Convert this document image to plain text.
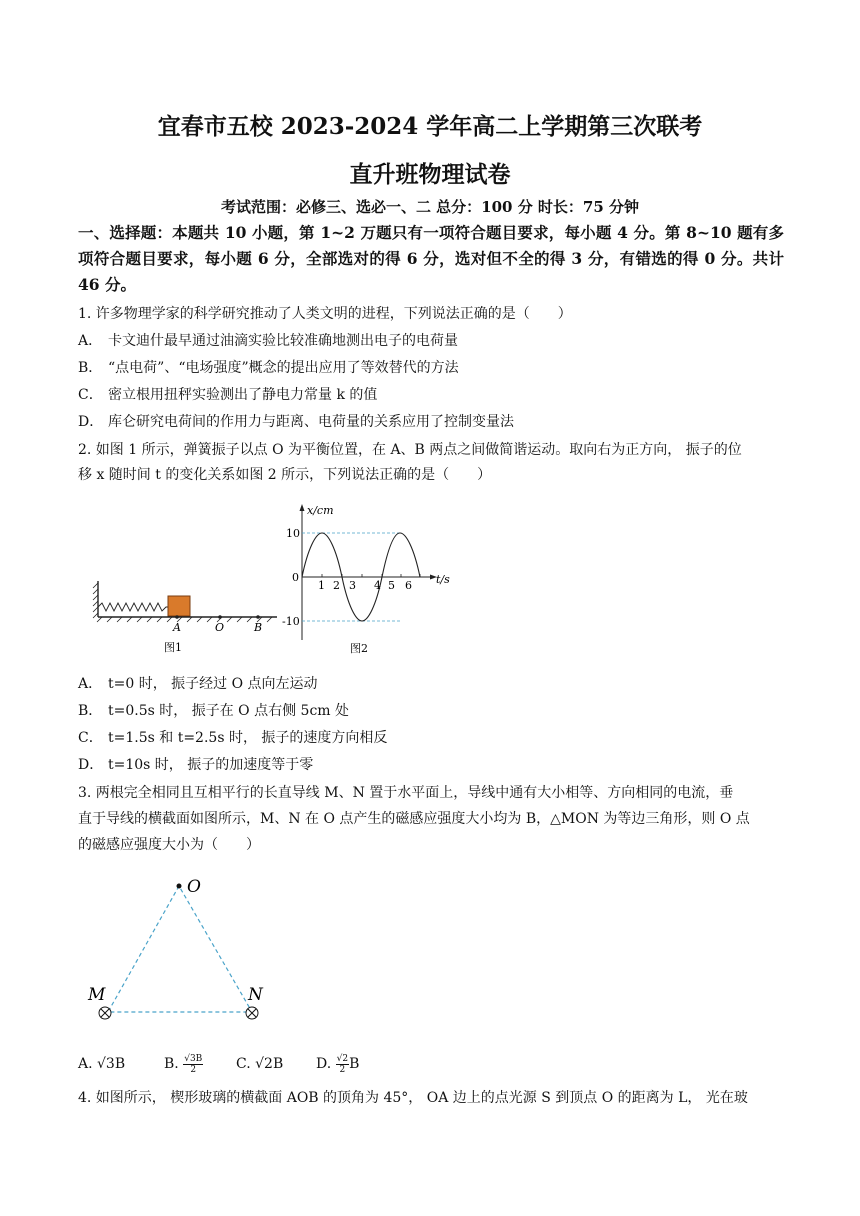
宜春市五校 2023-2024 学年高二上学期第三次联考
直升班物理试卷
考试范围：必修三、选必一、二 总分：100 分 时长：75 分钟
一、选择题：本题共 10 小题，第 1~2 万题只有一项符合题目要求，每小题 4 分。第 8~10 题有多项符合题目要求，每小题 6 分，全部选对的得 6 分，选对但不全的得 3 分，有错选的得 0 分。共计 46 分。
1. 许多物理学家的科学研究推动了人类文明的进程，下列说法正确的是（　　）
A． 卡文迪什最早通过油滴实验比较准确地测出电子的电荷量
B． “点电荷”、“电场强度”概念的提出应用了等效替代的方法
C． 密立根用扭秤实验测出了静电力常量 k 的值
D． 库仑研究电荷间的作用力与距离、电荷量的关系应用了控制变量法
2. 如图 1 所示，弹簧振子以点 O 为平衡位置，在 A、B 两点之间做简谐运动。取向右为正方向， 振子的位
移 x 随时间 t 的变化关系如图 2 所示，下列说法正确的是（　　）
A	O	B
图1
x/cm
t/s
0
10
-10
1 2 3 4 5 6
图2
A． t=0 时， 振子经过 O 点向左运动
B． t=0.5s 时， 振子在 O 点右侧 5cm 处
C． t=1.5s 和 t=2.5s 时， 振子的速度方向相反
D． t=10s 时， 振子的加速度等于零
3. 两根完全相同且互相平行的长直导线 M、N 置于水平面上，导线中通有大小相等、方向相同的电流，垂
直于导线的横截面如图所示，M、N 在 O 点产生的磁感应强度大小均为 B，△MON 为等边三角形，则 O 点
的磁感应强度大小为（　　）
O
M	N
A. √3B	B. $\frac{√3B}{2} C$. √2B D. $\frac{√2}{2}$ B
4. 如图所示， 楔形玻璃的横截面 AOB 的顶角为 45°， OA 边上的点光源 S 到顶点 O 的距离为 L， 光在玻
